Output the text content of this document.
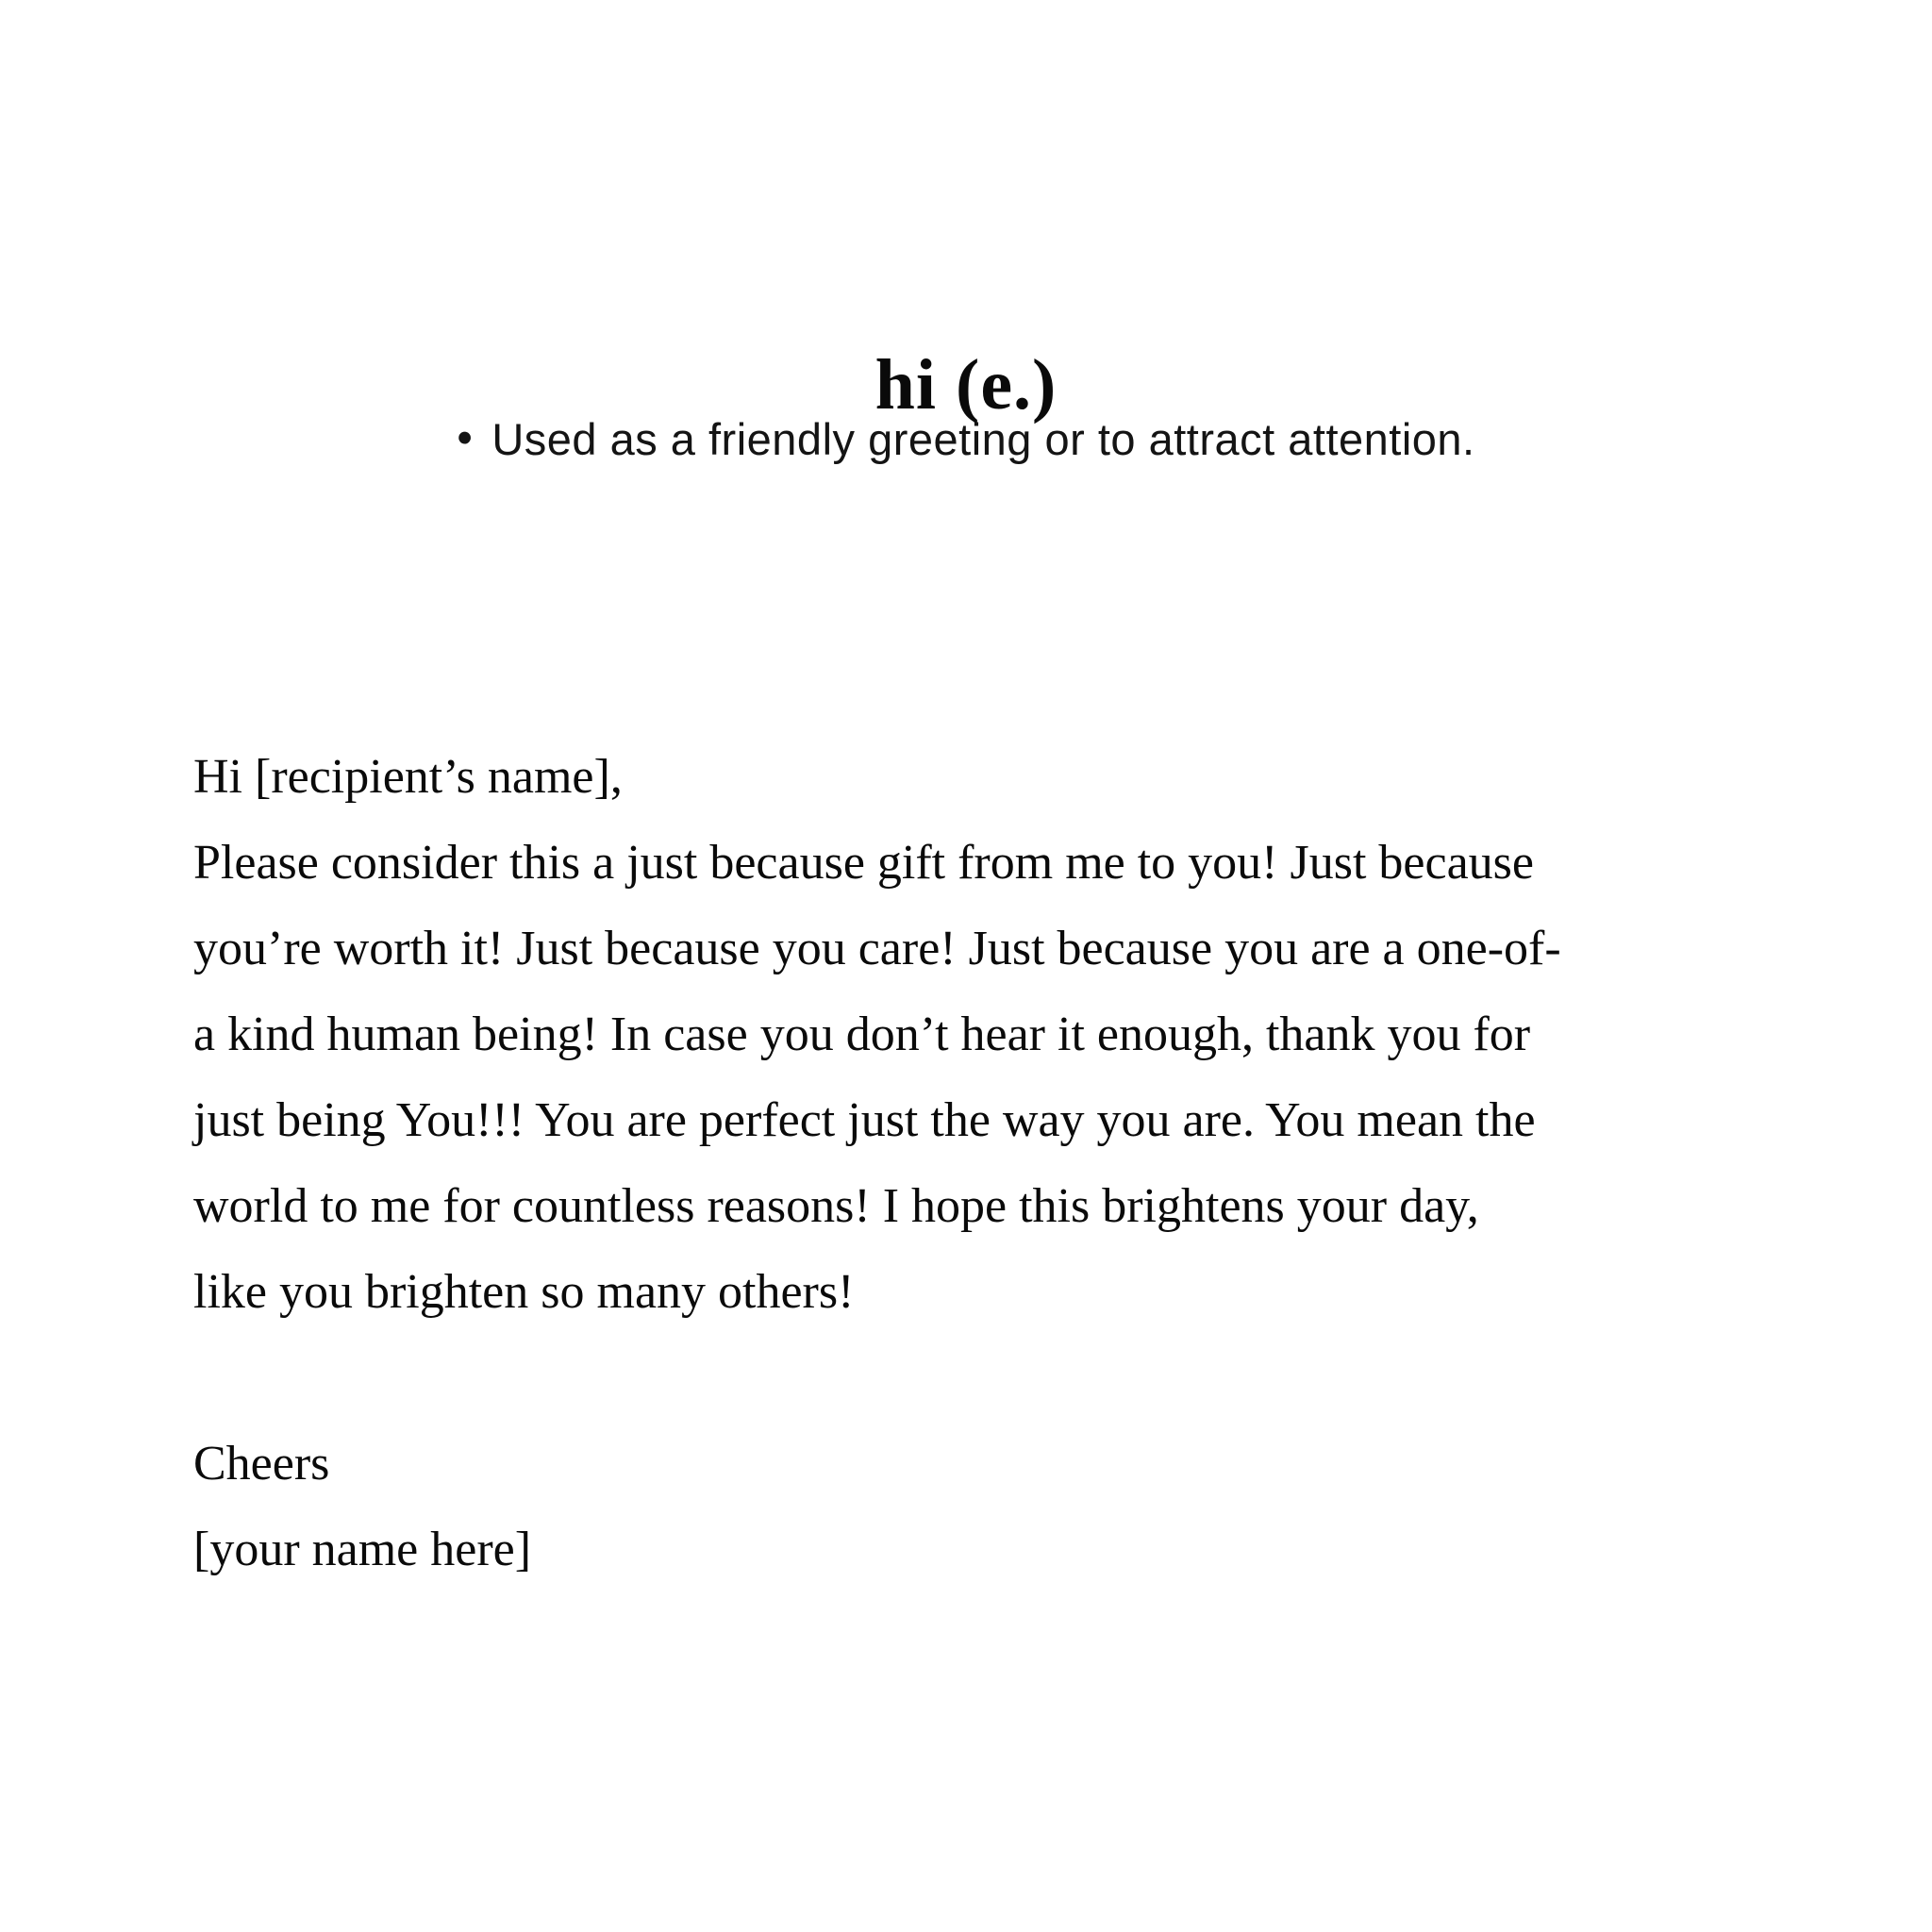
hi (e.)
• Used as a friendly greeting or to attract attention.
Hi [recipient’s name],
Please consider this a just because gift from me to you! Just because
you’re worth it! Just because you care! Just because you are a one-of-
a kind human being! In case you don’t hear it enough, thank you for
just being You!!! You are perfect just the way you are. You mean the
world to me for countless reasons! I hope this brightens your day,
like you brighten so many others!
Cheers
[your name here]
